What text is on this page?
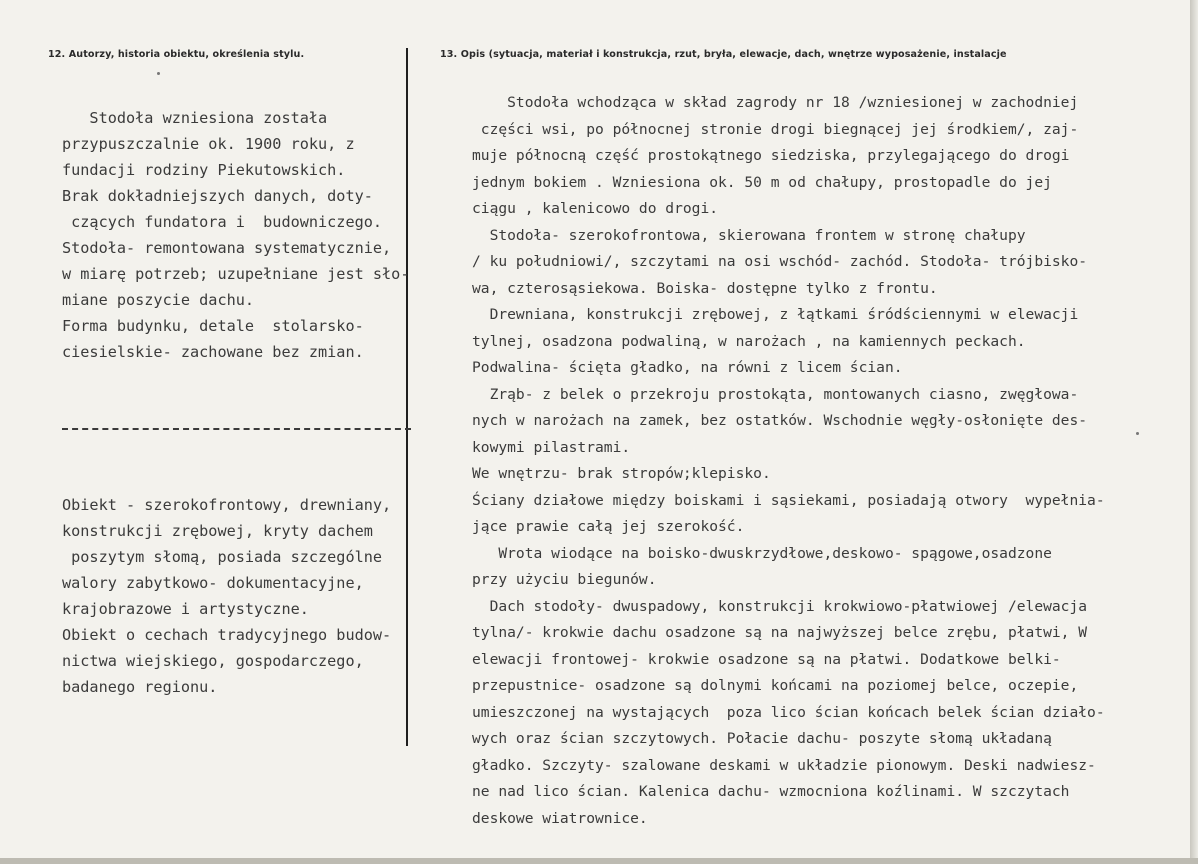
12. Autorzy, historia obiektu, określenia stylu.	13. Opis (sytuacja, materiał i konstrukcja, rzut, bryła, elewacje, dach, wnętrze wyposażenie, instalacje
Stodoła wzniesiona została
przypuszczalnie ok. 1900 roku, z
fundacji rodziny Piekutowskich.
Brak dokładniejszych danych, doty-
czących fundatora i  budowniczego.
Stodoła- remontowana systematycznie,
w miarę potrzeb; uzupełniane jest sło-
miane poszycie dachu.
Forma budynku, detale  stolarsko-
ciesielskie- zachowane bez zmian.
Obiekt - szerokofrontowy, drewniany,
konstrukcji zrębowej, kryty dachem
poszytym słomą, posiada szczególne
walory zabytkowo- dokumentacyjne,
krajobrazowe i artystyczne.
Obiekt o cechach tradycyjnego budow-
nictwa wiejskiego, gospodarczego,
badanego regionu.
Stodoła wchodząca w skład zagrody nr 18 /wzniesionej w zachodniej
części wsi, po północnej stronie drogi biegnącej jej środkiem/, zaj-
muje północną część prostokątnego siedziska, przylegającego do drogi
jednym bokiem . Wzniesiona ok. 50 m od chałupy, prostopadle do jej
ciągu , kalenicowo do drogi.
Stodoła- szerokofrontowa, skierowana frontem w stronę chałupy
/ ku południowi/, szczytami na osi wschód- zachód. Stodoła- trójbisko-
wa, czterosąsiekowa. Boiska- dostępne tylko z frontu.
Drewniana, konstrukcji zrębowej, z łątkami śródściennymi w elewacji
tylnej, osadzona podwaliną, w narożach , na kamiennych peckach.
Podwalina- ścięta gładko, na równi z licem ścian.
Zrąb- z belek o przekroju prostokąta, montowanych ciasno, zwęgłowa-
nych w narożach na zamek, bez ostatków. Wschodnie węgły-osłonięte des-
kowymi pilastrami.
We wnętrzu- brak stropów;klepisko.
Ściany działowe między boiskami i sąsiekami, posiadają otwory  wypełnia-
jące prawie całą jej szerokość.
Wrota wiodące na boisko-dwuskrzydłowe,deskowo- spągowe,osadzone
przy użyciu biegunów.
Dach stodoły- dwuspadowy, konstrukcji krokwiowo-płatwiowej /elewacja
tylna/- krokwie dachu osadzone są na najwyższej belce zrębu, płatwi, W
elewacji frontowej- krokwie osadzone są na płatwi. Dodatkowe belki-
przepustnice- osadzone są dolnymi końcami na poziomej belce, oczepie,
umieszczonej na wystających  poza lico ścian końcach belek ścian działo-
wych oraz ścian szczytowych. Połacie dachu- poszyte słomą układaną
gładko. Szczyty- szalowane deskami w układzie pionowym. Deski nadwiesz-
ne nad lico ścian. Kalenica dachu- wzmocniona koźlinami. W szczytach
deskowe wiatrownice.
